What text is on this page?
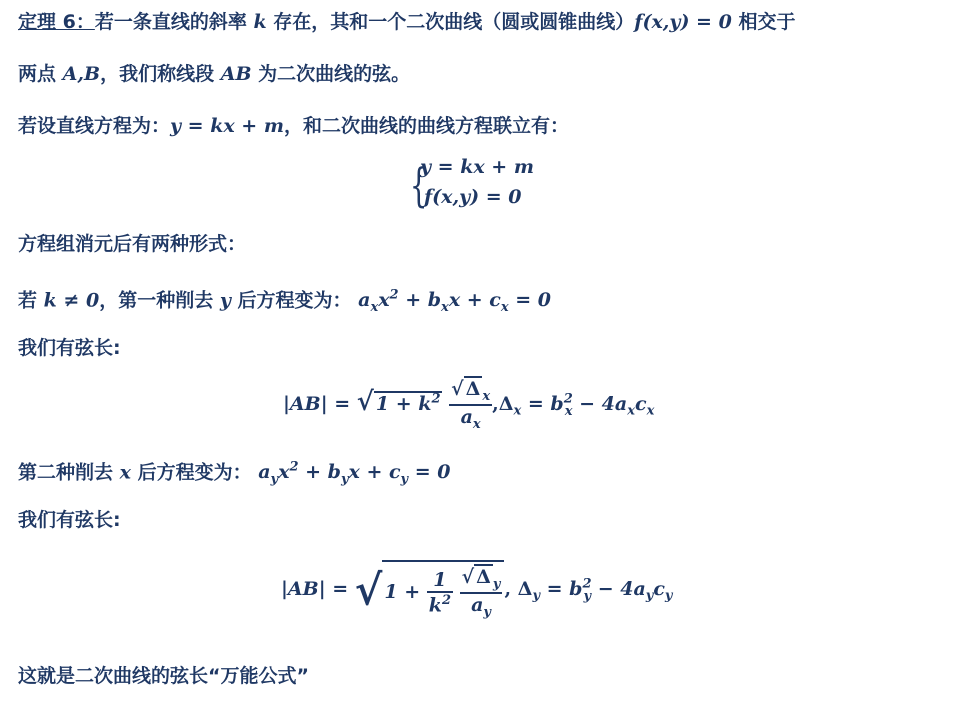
定理 6：若一条直线的斜率 k 存在，其和一个二次曲线（圆或圆锥曲线）f(x,y) = 0 相交于
两点 A,B，我们称线段 AB 为二次曲线的弦。
若设直线方程为：y = kx + m，和二次曲线的曲线方程联立有：
{
y = kx + m
f(x,y) = 0
方程组消元后有两种形式：
若 k ≠ 0，第一种削去 y 后方程变为： $a_xx^2 + b_xx + c_x = 0$
我们有弦长:
|AB| = √ $1 + k^2 \frac{√ \Delta _x}{a_x} ,\Delta_x = b^2_x - 4a_xc_x$
第二种削去 x 后方程变为： $a_yx^2 + b_yx + c_y = 0$
我们有弦长:
|AB| = √ $1 + \frac{1}{k^2}$
$\frac{√ \Delta _y}{a_y}$ , $\Delta_y = b^2_y - 4a_yc_y$
这就是二次曲线的弦长“万能公式”
